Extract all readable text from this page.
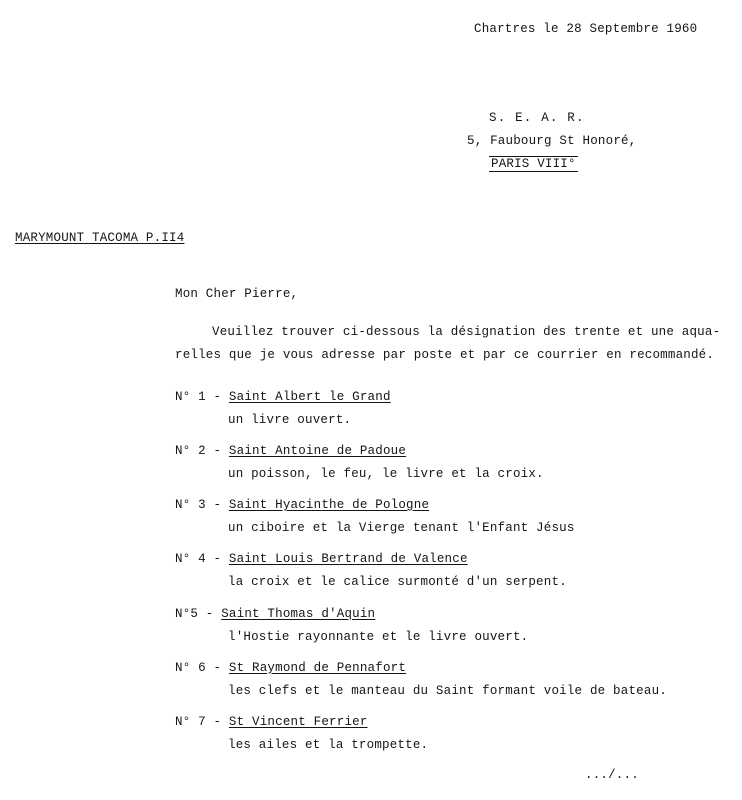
Chartres le 28 Septembre 1960
S. E. A. R.
5, Faubourg St Honoré,
PARIS VIII°
MARYMOUNT TACOMA P.II4
Mon Cher Pierre,
Veuillez trouver ci-dessous la désignation des trente et une aqua-
relles que je vous adresse par poste et par ce courrier en recommandé.
N° 1 - Saint Albert le Grand
un livre ouvert.
N° 2 - Saint Antoine de Padoue
un poisson, le feu, le livre et la croix.
N° 3 - Saint Hyacinthe de Pologne
un ciboire et la Vierge tenant l'Enfant Jésus
N° 4 - Saint Louis Bertrand de Valence
la croix et le calice surmonté d'un serpent.
N°5 - Saint Thomas d'Aquin
l'Hostie rayonnante et le livre ouvert.
N° 6 - St Raymond de Pennafort
les clefs et le manteau du Saint formant voile de bateau.
N° 7 - St Vincent Ferrier
les ailes et la trompette.
.../...
